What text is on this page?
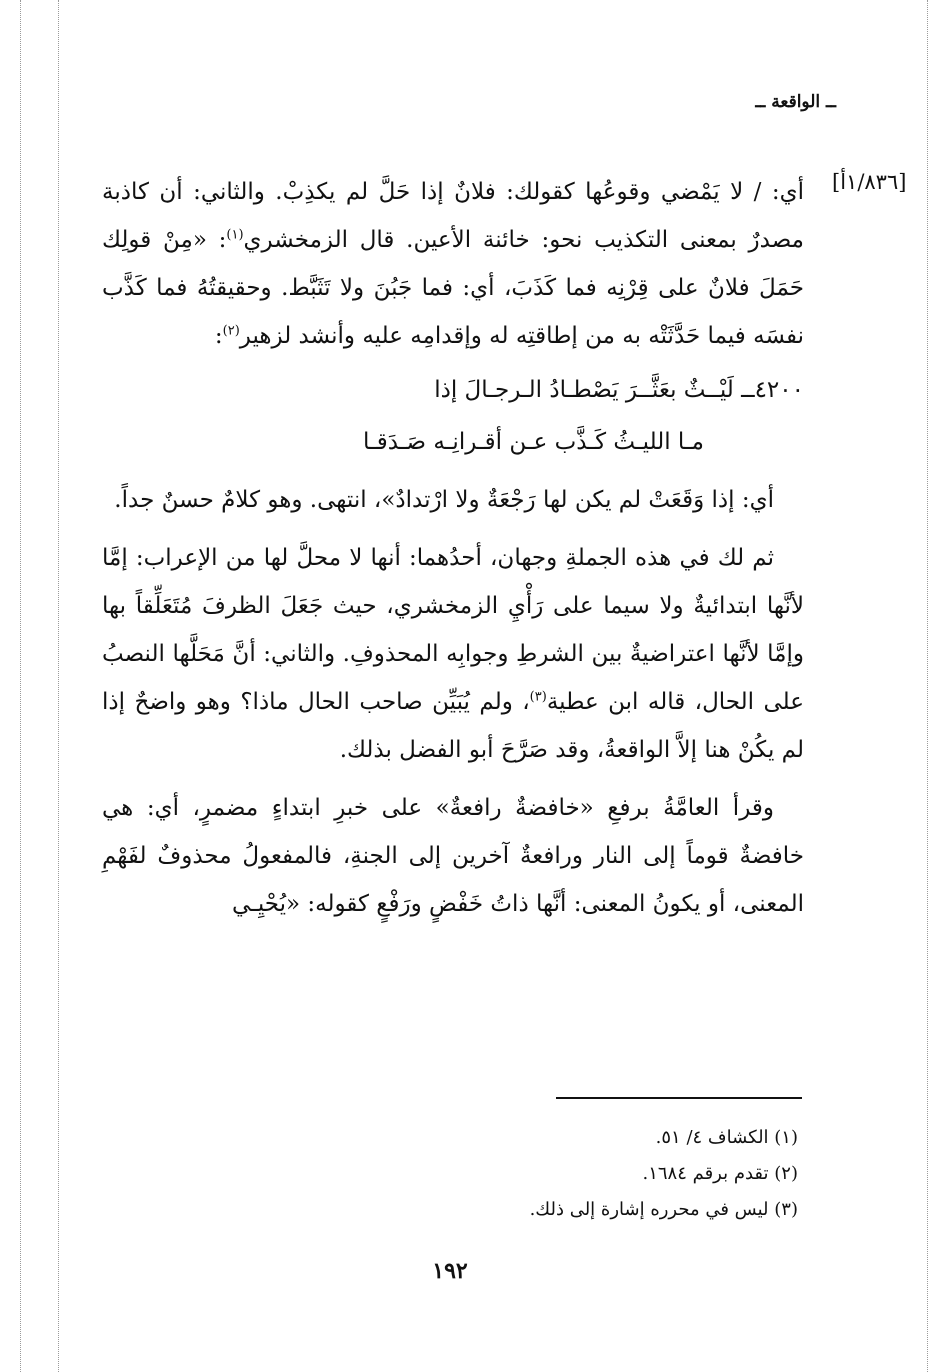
ــ الواقعة ــ
[١/٨٣٦أ]

أي: / لا يَمْضي وقوعُها كقولك: فلانٌ إذا حَلَّ لم يكذِبْ. والثاني: أن كاذبة مصدرٌ بمعنى التكذيب نحو: خائنة الأعين. قال الزمخشري$^{(١)}$: «مِنْ قولِك حَمَلَ فلانٌ على قِرْنِه فما كَذَبَ، أي: فما جَبُنَ ولا تَثَبَّط. وحقيقتُهُ فما كَذَّب نفسَه فيما حَدَّثَتْه به من إطاقتِه له وإقدامِه عليه وأنشد لزهير$^{(٢)}$:

٤٢٠٠ــ لَيْــثٌ بعَثَّــرَ يَصْطـادُ الـرجـالَ إذا
مـا الليـثُ كَـذَّب عـن أقـرانِـه صَـدَقـا

أي: إذا وَقَعَتْ لم يكن لها رَجْعَةٌ ولا ارْتدادٌ»، انتهى. وهو كلامٌ حسنٌ جداً.

ثم لك في هذه الجملةِ وجهان، أحدُهما: أنها لا محلَّ لها من الإعراب: إمَّا لأنَّها ابتدائيةٌ ولا سيما على رَأْيِ الزمخشري، حيث جَعَلَ الظرفَ مُتَعَلِّقاً بها وإمَّا لأنَّها اعتراضيةٌ بين الشرطِ وجوابِه المحذوفِ. والثاني: أنَّ مَحَلَّها النصبُ على الحال، قاله ابن عطية$^{(٣)}$، ولم يُبَيِّن صاحب الحال ماذا؟ وهو واضحٌ إذا لم يكُنْ هنا إلاَّ الواقعةُ، وقد صَرَّحَ أبو الفضل بذلك.

وقرأ العامَّةُ برفعِ «خافضةٌ رافعةٌ» على خبرِ ابتداءٍ مضمرٍ، أي: هي خافضةٌ قوماً إلى النار ورافعةٌ آخرين إلى الجنةِ، فالمفعولُ محذوفٌ لفَهْمِ المعنى، أو يكونُ المعنى: أنَّها ذاتُ خَفْضٍ ورَفْعٍ كقوله: «يُحْيِـي

(١) الكشاف ٤/ ٥١.
(٢) تقدم برقم ١٦٨٤.
(٣) ليس في محرره إشارة إلى ذلك.
١٩٢
